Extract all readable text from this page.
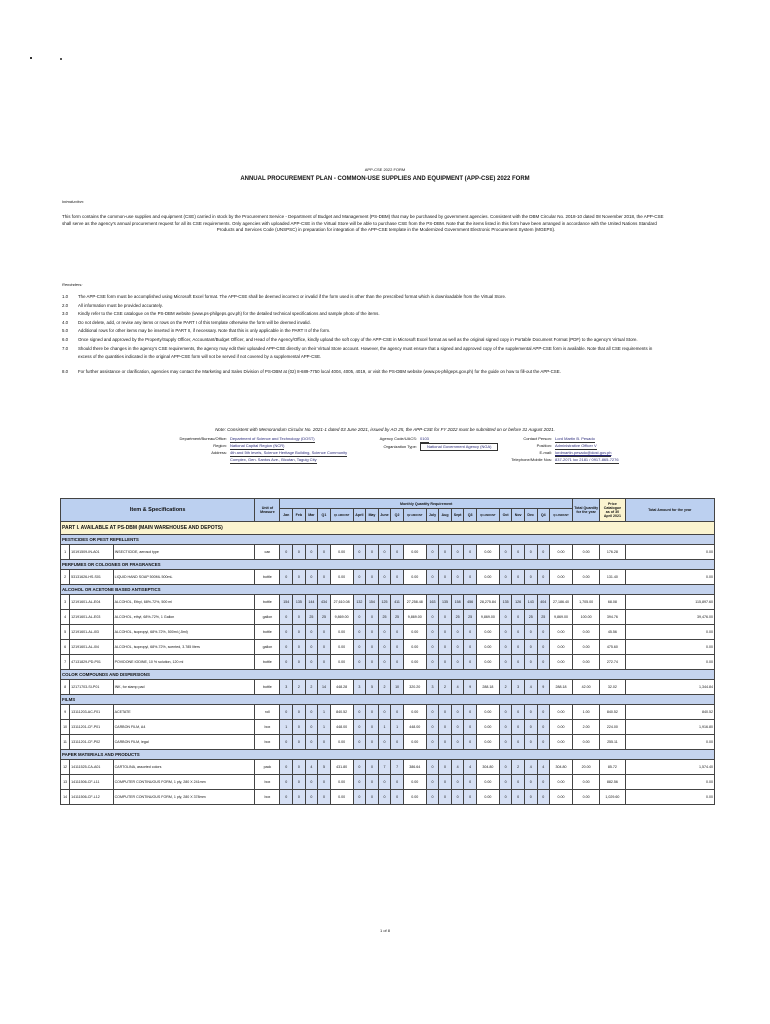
APP-CSE 2022 FORM
ANNUAL PROCUREMENT PLAN - COMMON-USE SUPPLIES AND EQUIPMENT (APP-CSE) 2022 FORM
Introduction:
This form contains the common-use supplies and equipment (CSE) carried in stock by the Procurement Service - Department of Budget and Management (PS-DBM) that may be purchased by government agencies. Consistent with the DBM Circular No. 2018-10 dated 08 November 2018, the APP-CSE
shall serve as the agency's annual procurement request for all its CSE requirements. Only agencies with uploaded APP-CSE in the Virtual Store will be able to purchase CSE from the PS-DBM. Note that the items listed in this form have been arranged in accordance with the United Nations Standard
Products and Services Code (UNSPSC) in preparation for integration of the APP-CSE template in the Modernized Government Electronic Procurement System (MGEPS).
Reminders:
1.0	The APP-CSE form must be accomplished using Microsoft Excel format. The APP-CSE shall be deemed incorrect or invalid if the form used is other than the prescribed format which is downloadable from the Virtual Store.
2.0	All information must be provided accurately.
3.0	Kindly refer to the CSE catalogue on the PS-DBM website (www.ps-philgeps.gov.ph) for the detailed technical specifications and sample photo of the items.
4.0	Do not delete, add, or revise any items or rows on the PART I of this template otherwise the form will be deemed invalid.
5.0	Additional rows for other items may be inserted in PART II, if necessary. Note that this is only applicable in the PART II of the form.
6.0	Once signed and approved by the Property/Supply Officer, Accountant/Budget Officer, and Head of the Agency/Office, kindly upload the soft copy of the APP-CSE in Microsoft Excel format as well as the original signed copy in Portable Document Format (PDF) to the agency's Virtual Store.
7.0	Should there be changes in the agency's CSE requirements, the agency may edit their uploaded APP-CSE directly on their Virtual Store account. However, the agency must ensure that a signed and approved copy of the supplemental APP-CSE form is available. Note that all CSE requirements in
excess of the quantities indicated in the original APP-CSE form will not be served if not covered by a supplemental APP-CSE.
8.0	For further assistance or clarification, agencies may contact the Marketing and Sales Division of PS-DBM at (02) 8-689-7750 local 4004, 4005, 4019, or visit the PS-DBM website (www.ps-philgeps.gov.ph) for the guide on how to fill-out the APP-CSE.
Note: Consistent with Memorandum Circular No. 2021-1 dated 03 June 2021, issued by AO 25, the APP-CSE for FY 2022 must be submitted on or before 31 August 2021.
Department/Bureau/Office: Department of Science and Technology (DOST)
Region: National Capital Region (NCR)
Address: 4th and 5th levels, Science Heritage Building, Science Community
Complex, Gen. Santos Ave., Bicutan, Taguig City
Agency Code/UACS: 0103
Organization Type:	National Government Agency (NGA)
Contact Person: Lord Martin B. Pesado
Position: Administrative Officer V
E-mail: lordmartin.pesado@dost.gov.ph
Telephone/Mobile Nos: 837-2071 loc 2181 / 0917-865-7276
Item & Specifications			Unit of Measure	Monthly Quantity Requirement																				Total Quantity for the year	Price Catalogue as of 30 April 2021	Total Amount for the year
				Jan	Feb	Mar	Q1	Q1 AMOUNT	April	May	June	Q2	Q2 AMOUNT	July	Aug	Sept	Q3	Q3 AMOUNT	Oct	Nov	Dec	Q4	Q4 AMOUNT			
PART I. AVAILABLE AT PS-DBM (MAIN WAREHOUSE AND DEPOTS)																										
PESTICIDES OR PEST REPELLENTS																										
1	10191509-IN-A01	INSECTICIDE, aerosol type	can	0	0	0	0	0.00	0	0	0	0	0.00	0	0	0	0	0.00	0	0	0	0	0.00	0.00	176.28	0.00
PERFUMES OR COLOGNES OR FRAGRANCES																										
2	53131626-HS-S01	LIQUID HAND SOAP 500ML 500mL	bottle	0	0	0	0	0.00	0	0	0	0	0.00	0	0	0	0	0.00	0	0	0	0	0.00	0.00	131.40	0.00
ALCOHOL OR ACETONE BASED ANTISEPTICS																										
3	12191601-AL-E04	ALCOHOL, Ethyl, 68%-72%, 500 ml	bottle	154	135	144	434	27,610.08	132	154	125	411	27,258.48	163	135	158	456	28,275.84	135	126	143	404	27,186.40	1,705.00	68.08	115,897.60
4	12191601-AL-E03	ALCOHOL, ethyl, 68%-72%, 1 Gallon	gallon	0	0	25	25	9,869.00	0	0	25	25	9,869.00	0	0	25	25	9,869.00	0	0	25	25	9,869.00	100.00	394.76	39,476.00
5	12191601-AL-I03	ALCOHOL, isopropyl, 68%-72%, 500ml (-5ml)	bottle	0	0	0	0	0.00	0	0	0	0	0.00	0	0	0	0	0.00	0	0	0	0	0.00	0.00	45.56	0.00
6	12191601-AL-I04	ALCOHOL, isopropyl, 68%-72%, scented, 3.785 liters	gallon	0	0	0	0	0.00	0	0	0	0	0.00	0	0	0	0	0.00	0	0	0	0	0.00	0.00	475.60	0.00
7	47131829-PD-P01	POVIDONE IODINE, 10 % solution, 120 ml	bottle	0	0	0	0	0.00	0	0	0	0	0.00	0	0	0	0	0.00	0	0	0	0	0.00	0.00	272.74	0.00
COLOR COMPOUNDS AND DISPERSIONS																										
8	12171703-SI-P01	INK, for stamp pad	bottle	3	2	2	14	448.28	3	5	2	10	320.20	3	2	4	9	288.18	2	3	4	9	288.18	42.00	32.02	1,344.84
FILMS																										
9	13111203-AC-F01	ACETATE	roll	0	0	0	1	840.52	0	0	0	0	0.00	0	0	0	0	0.00	0	0	0	0	0.00	1.00	840.52	840.52
10	13111201-CF-P01	CARBON FILM, A4	box	1	0	0	1	448.00	0	0	1	1	448.00	0	0	0	0	0.00	0	0	0	0	0.00	2.00	224.00	1,916.80
11	13111201-CF-P02	CARBON FILM, legal	box	0	0	0	0	0.00	0	0	0	0	0.00	0	0	0	0	0.00	0	0	0	0	0.00	0.00	255.11	0.00
PAPER MATERIALS AND PRODUCTS																										
12	14111525-CA-A01	CARTOLINA, assorted colors	pack	0	0	4	5	431.80	0	0	7	7	386.64	0	0	4	4	304.80	0	2	4	4	304.80	20.00	85.72	1,574.40
13	14111506-CF-L11	COMPUTER CONTINUOUS FORM, 1 ply, 280 X 241mm	box	0	0	0	0	0.00	0	0	0	0	0.00	0	0	0	0	0.00	0	0	0	0	0.00	0.00	882.56	0.00
14	14111506-CF-L12	COMPUTER CONTINUOUS FORM, 1 ply, 280 X 378mm	box	0	0	0	0	0.00	0	0	0	0	0.00	0	0	0	0	0.00	0	0	0	0	0.00	0.00	1,029.60	0.00
1 of 8
